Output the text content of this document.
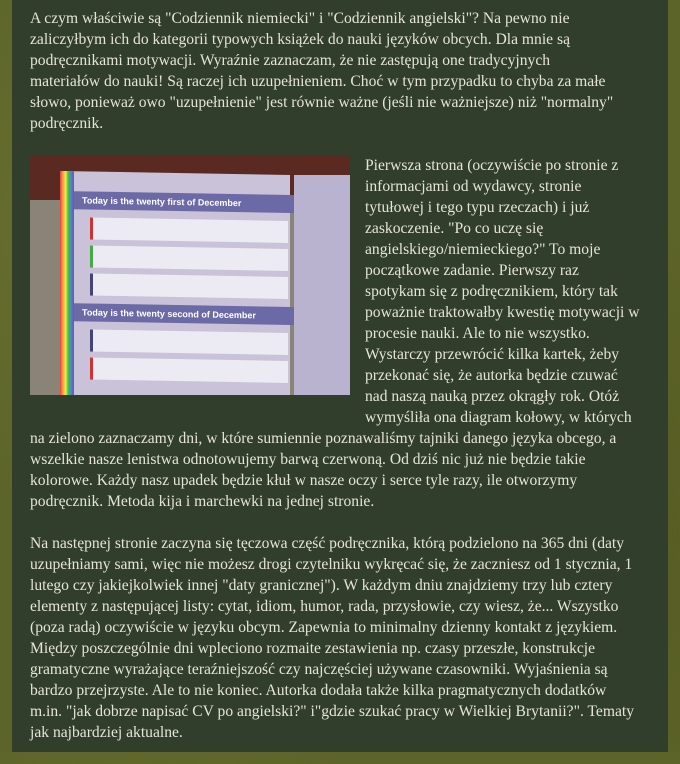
A czym właściwie są "Codziennik niemiecki" i "Codziennik angielski"? Na pewno nie
zaliczyłbym ich do kategorii typowych książek do nauki języków obcych. Dla mnie są
podręcznikami motywacji. Wyraźnie zaznaczam, że nie zastępują one tradycyjnych
materiałów do nauki! Są raczej ich uzupełnieniem. Choć w tym przypadku to chyba za małe
słowo, ponieważ owo "uzupełnienie" jest równie ważne (jeśli nie ważniejsze) niż "normalny"
podręcznik.

Pierwsza strona (oczywiście po stronie z
informacjami od wydawcy, stronie
tytułowej i tego typu rzeczach) i już
zaskoczenie. "Po co uczę się
angielskiego/niemieckiego?" To moje
początkowe zadanie. Pierwszy raz
spotykam się z podręcznikiem, który tak
poważnie traktowałby kwestię motywacji w
procesie nauki. Ale to nie wszystko.
Wystarczy przewrócić kilka kartek, żeby
przekonać się, że autorka będzie czuwać
nad naszą nauką przez okrągły rok. Otóż
wymyśliła ona diagram kołowy, w których
na zielono zaznaczamy dni, w które sumiennie poznawaliśmy tajniki danego języka obcego, a
wszelkie nasze lenistwa odnotowujemy barwą czerwoną. Od dziś nic już nie będzie takie
kolorowe. Każdy nasz upadek będzie kłuł w nasze oczy i serce tyle razy, ile otworzymy
podręcznik. Metoda kija i marchewki na jednej stronie.

Na następnej stronie zaczyna się tęczowa część podręcznika, którą podzielono na 365 dni (daty
uzupełniamy sami, więc nie możesz drogi czytelniku wykręcać się, że zaczniesz od 1 stycznia, 1
lutego czy jakiejkolwiek innej "daty granicznej"). W każdym dniu znajdziemy trzy lub cztery
elementy z następującej listy: cytat, idiom, humor, rada, przysłowie, czy wiesz, że... Wszystko
(poza radą) oczywiście w języku obcym. Zapewnia to minimalny dzienny kontakt z językiem.
Między poszczególnie dni wpleciono rozmaite zestawienia np. czasy przeszłe, konstrukcje
gramatyczne wyrażające teraźniejszość czy najczęściej używane czasowniki. Wyjaśnienia są
bardzo przejrzyste. Ale to nie koniec. Autorka dodała także kilka pragmatycznych dodatków
m.in. "jak dobrze napisać CV po angielski?" i"gdzie szukać pracy w Wielkiej Brytanii?". Tematy
jak najbardziej aktualne.

Today is the twenty first of December
Today is the twenty second of December
